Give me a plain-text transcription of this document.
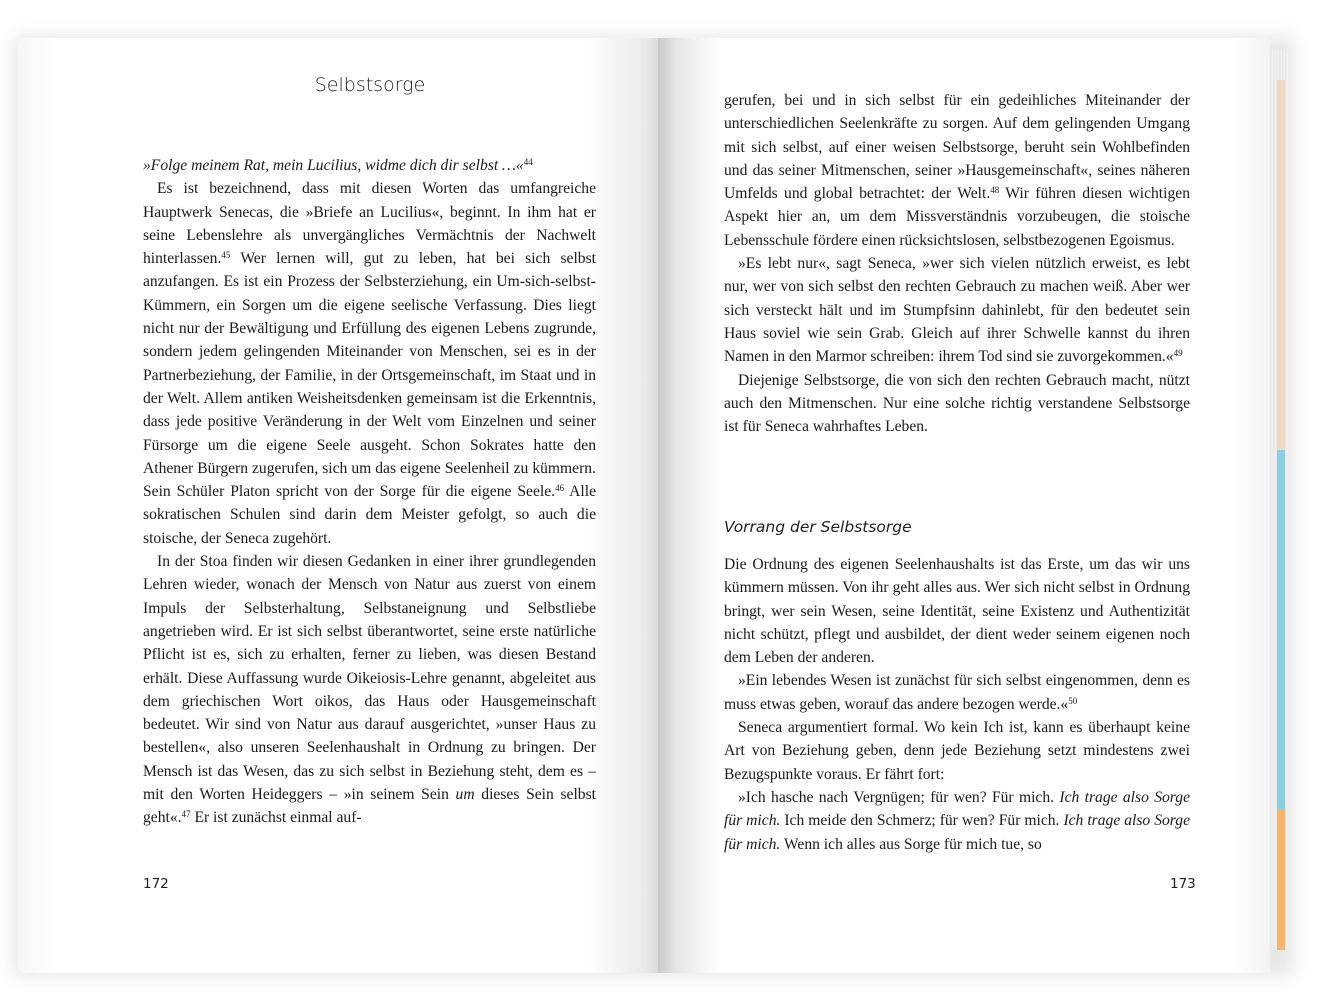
Selbstsorge

»Folge meinem Rat, mein Lucilius, widme dich dir selbst …«$^{44}$

Es ist bezeichnend, dass mit diesen Worten das umfangreiche Hauptwerk Senecas, die »Briefe an Lucilius«, beginnt. In ihm hat er seine Lebenslehre als unvergängliches Vermächtnis der Nachwelt hinterlassen.$^{45}$ Wer lernen will, gut zu leben, hat bei sich selbst anzufangen. Es ist ein Prozess der Selbsterziehung, ein Um-sich-selbst-Kümmern, ein Sorgen um die eigene seelische Verfassung. Dies liegt nicht nur der Bewältigung und Erfüllung des eigenen Lebens zugrunde, sondern jedem gelingenden Miteinander von Menschen, sei es in der Partnerbeziehung, der Familie, in der Ortsgemeinschaft, im Staat und in der Welt. Allem antiken Weisheitsdenken gemeinsam ist die Erkenntnis, dass jede positive Veränderung in der Welt vom Einzelnen und seiner Fürsorge um die eigene Seele ausgeht. Schon Sokrates hatte den Athener Bürgern zugerufen, sich um das eigene Seelenheil zu kümmern. Sein Schüler Platon spricht von der Sorge für die eigene Seele.$^{46}$ Alle sokratischen Schulen sind darin dem Meister gefolgt, so auch die stoische, der Seneca zugehört.

In der Stoa finden wir diesen Gedanken in einer ihrer grundlegenden Lehren wieder, wonach der Mensch von Natur aus zuerst von einem Impuls der Selbsterhaltung, Selbstaneignung und Selbstliebe angetrieben wird. Er ist sich selbst überantwortet, seine erste natürliche Pflicht ist es, sich zu erhalten, ferner zu lieben, was diesen Bestand erhält. Diese Auffassung wurde Oikeiosis-Lehre genannt, abgeleitet aus dem griechischen Wort oikos, das Haus oder Hausgemeinschaft bedeutet. Wir sind von Natur aus darauf ausgerichtet, »unser Haus zu bestellen«, also unseren Seelenhaushalt in Ordnung zu bringen. Der Mensch ist das Wesen, das zu sich selbst in Beziehung steht, dem es – mit den Worten Heideggers – »in seinem Sein um dieses Sein selbst geht«.$^{47}$ Er ist zunächst einmal auf-

172

gerufen, bei und in sich selbst für ein gedeihliches Miteinander der unterschiedlichen Seelenkräfte zu sorgen. Auf dem gelingenden Umgang mit sich selbst, auf einer weisen Selbstsorge, beruht sein Wohlbefinden und das seiner Mitmenschen, seiner »Hausgemeinschaft«, seines näheren Umfelds und global betrachtet: der Welt.$^{48}$ Wir führen diesen wichtigen Aspekt hier an, um dem Missverständnis vorzubeugen, die stoische Lebensschule fördere einen rücksichtslosen, selbstbezogenen Egoismus.

»Es lebt nur«, sagt Seneca, »wer sich vielen nützlich erweist, es lebt nur, wer von sich selbst den rechten Gebrauch zu machen weiß. Aber wer sich versteckt hält und im Stumpfsinn dahinlebt, für den bedeutet sein Haus soviel wie sein Grab. Gleich auf ihrer Schwelle kannst du ihren Namen in den Marmor schreiben: ihrem Tod sind sie zuvorgekommen.«$^{49}$

Diejenige Selbstsorge, die von sich den rechten Gebrauch macht, nützt auch den Mitmenschen. Nur eine solche richtig verstandene Selbstsorge ist für Seneca wahrhaftes Leben.

Vorrang der Selbstsorge

Die Ordnung des eigenen Seelenhaushalts ist das Erste, um das wir uns kümmern müssen. Von ihr geht alles aus. Wer sich nicht selbst in Ordnung bringt, wer sein Wesen, seine Identität, seine Existenz und Authentizität nicht schützt, pflegt und ausbildet, der dient weder seinem eigenen noch dem Leben der anderen.

»Ein lebendes Wesen ist zunächst für sich selbst eingenommen, denn es muss etwas geben, worauf das andere bezogen werde.«$^{50}$

Seneca argumentiert formal. Wo kein Ich ist, kann es überhaupt keine Art von Beziehung geben, denn jede Beziehung setzt mindestens zwei Bezugspunkte voraus. Er fährt fort:

»Ich hasche nach Vergnügen; für wen? Für mich. Ich trage also Sorge für mich. Ich meide den Schmerz; für wen? Für mich. Ich trage also Sorge für mich. Wenn ich alles aus Sorge für mich tue, so

173
